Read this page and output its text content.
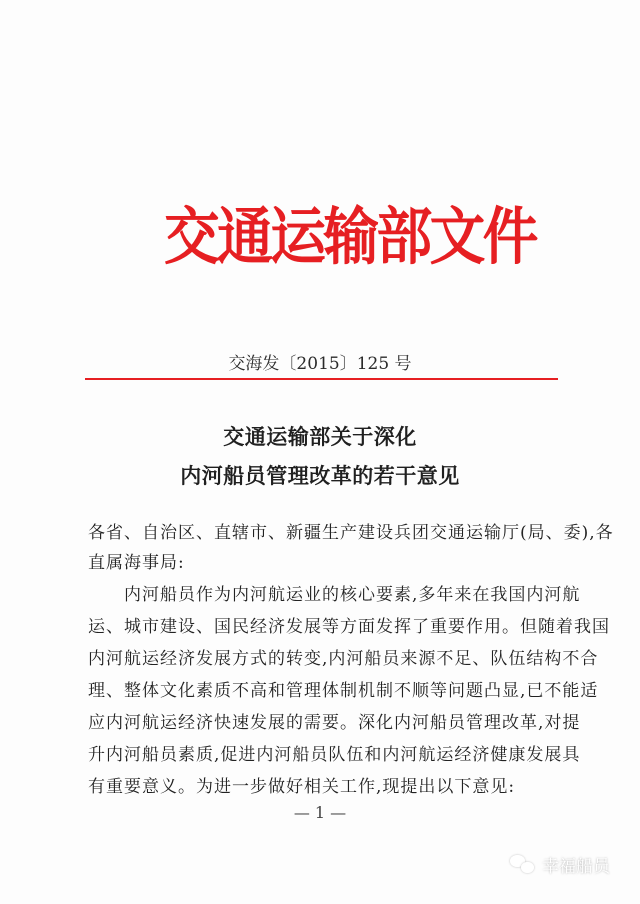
交通运输部文件
交海发〔2015〕125 号
交通运输部关于深化
内河船员管理改革的若干意见
各省、自治区、直辖市、新疆生产建设兵团交通运输厅(局、委),各
直属海事局:
　　内河船员作为内河航运业的核心要素,多年来在我国内河航
运、城市建设、国民经济发展等方面发挥了重要作用。但随着我国
内河航运经济发展方式的转变,内河船员来源不足、队伍结构不合
理、整体文化素质不高和管理体制机制不顺等问题凸显,已不能适
应内河航运经济快速发展的需要。深化内河船员管理改革,对提
升内河船员素质,促进内河船员队伍和内河航运经济健康发展具
有重要意义。为进一步做好相关工作,现提出以下意见:
— 1 —
幸福船员
